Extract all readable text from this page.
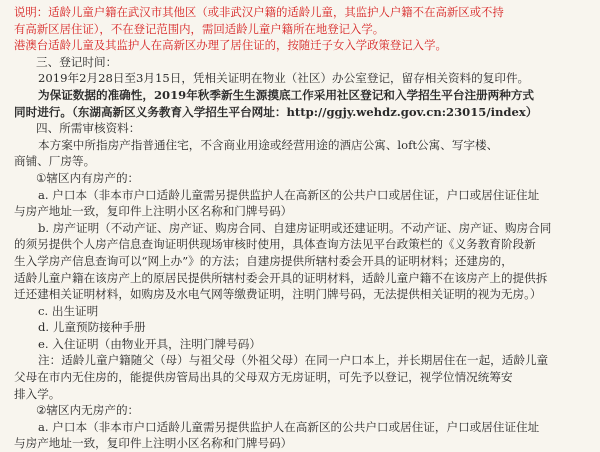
说明：适龄儿童户籍在武汉市其他区（或非武汉户籍的适龄儿童，其监护人户籍不在高新区或不持
有高新区居住证），不在登记范围内，需回适龄儿童户籍所在地登记入学。
港澳台适龄儿童及其监护人在高新区办理了居住证的，按随迁子女入学政策登记入学。
三、登记时间：
2019年2月28日至3月15日，凭相关证明在物业（社区）办公室登记，留存相关资料的复印件。
为保证数据的准确性，2019年秋季新生生源摸底工作采用社区登记和入学招生平台注册两种方式
同时进行。（东湖高新区义务教育入学招生平台网址：http://ggjy.wehdz.gov.cn:23015/index）
四、所需审核资料：
本方案中所指房产指普通住宅，不含商业用途或经营用途的酒店公寓、loft公寓、写字楼、
商铺、厂房等。
①辖区内有房产的：
a. 户口本（非本市户口适龄儿童需另提供监护人在高新区的公共户口或居住证，户口或居住证住址
与房产地址一致，复印件上注明小区名称和门牌号码）
b. 房产证明（不动产证、房产证、购房合同、自建房证明或还建证明。不动产证、房产证、购房合同
的须另提供个人房产信息查询证明供现场审核时使用，具体查询方法见平台政策栏的《义务教育阶段新
生入学房产信息查询可以“网上办”》的方法；自建房提供所辖村委会开具的证明材料；还建房的，
适龄儿童户籍在该房产上的原居民提供所辖村委会开具的证明材料，适龄儿童户籍不在该房产上的提供拆
迁还建相关证明材料，如购房及水电气网等缴费证明，注明门牌号码，无法提供相关证明的视为无房。）
c. 出生证明
d. 儿童预防接种手册
e. 入住证明（由物业开具，注明门牌号码）
注：适龄儿童户籍随父（母）与祖父母（外祖父母）在同一户口本上，并长期居住在一起，适龄儿童
父母在市内无住房的，能提供房管局出具的父母双方无房证明，可先予以登记，视学位情况统筹安
排入学。
②辖区内无房产的：
a. 户口本（非本市户口适龄儿童需另提供监护人在高新区的公共户口或居住证，户口或居住证住址
与房产地址一致，复印件上注明小区名称和门牌号码）
